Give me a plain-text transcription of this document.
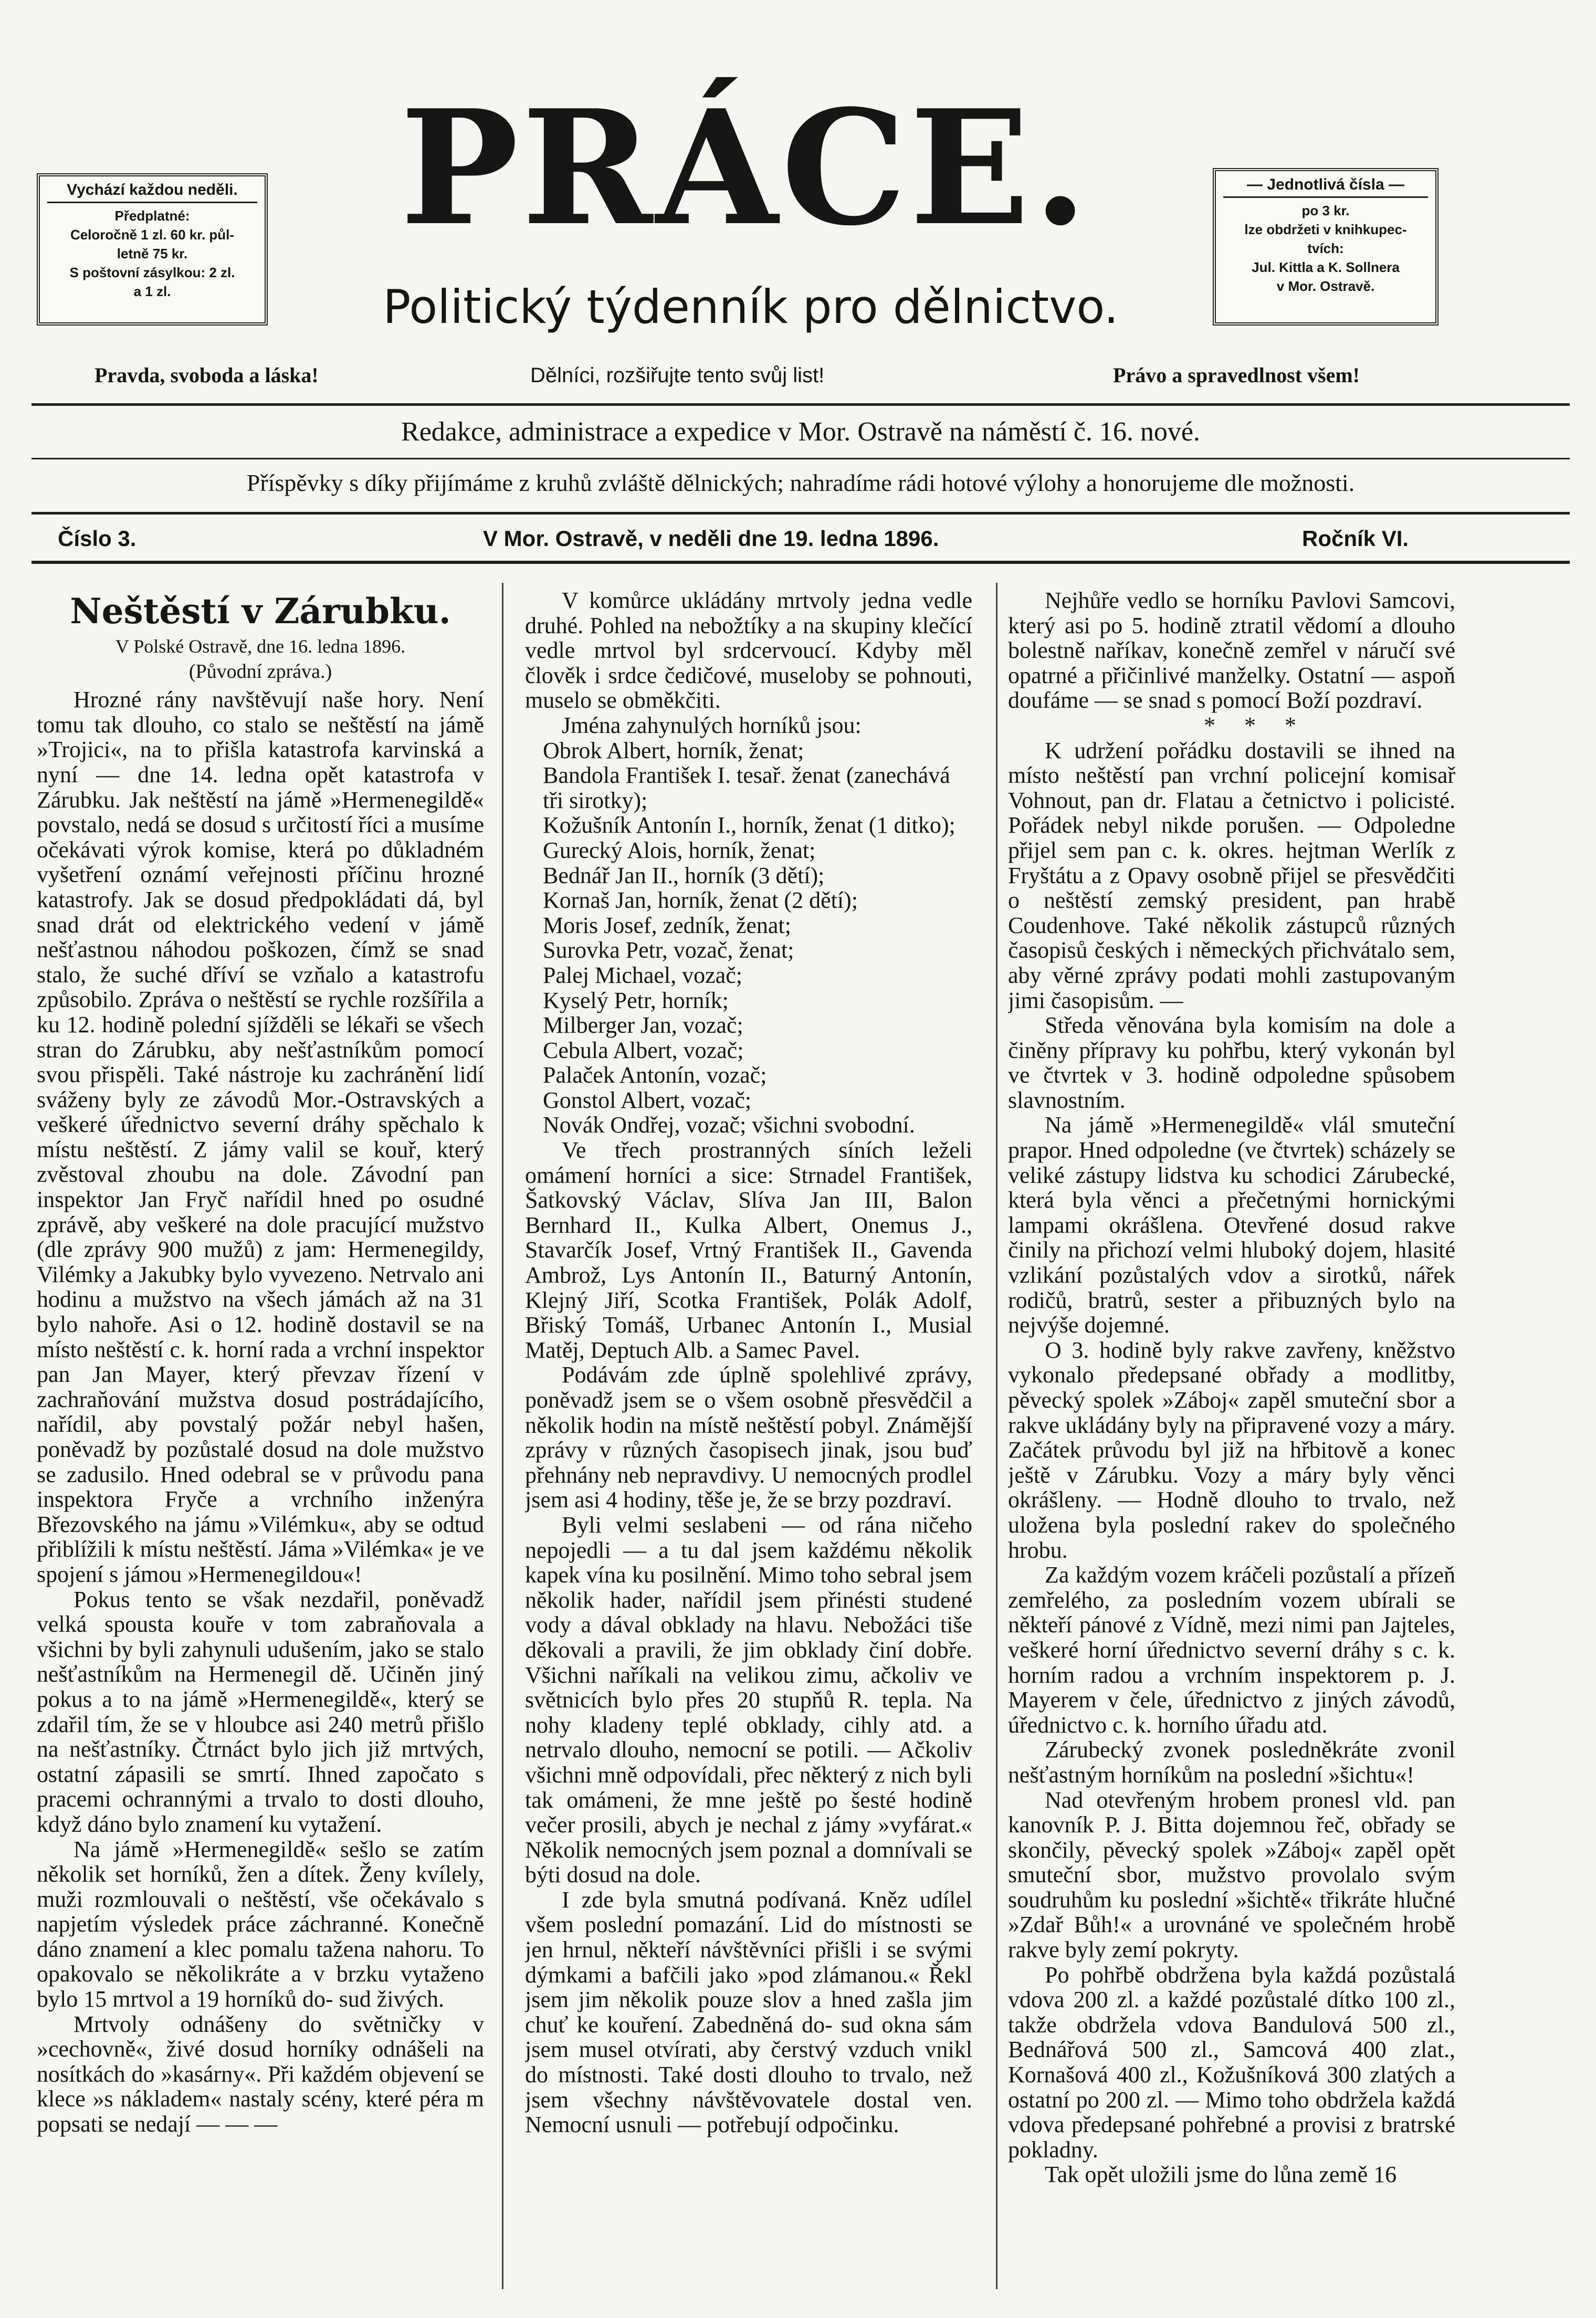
Vychází každou neděli.
Předplatné:
Celoročně 1 zl. 60 kr. půl-
letně 75 kr.
S poštovní zásylkou: 2 zl.
a 1 zl.
PRÁCE.
Politický týdenník pro dělnictvo.
— Jednotlivá čísla —
po 3 kr.
lze obdržeti v knihkupec-
tvích:
Jul. Kittla a K. Sollnera
v Mor. Ostravě.
Pravda, svoboda a láska!	Dělníci, rozšiřujte tento svůj list!	Právo a spravedlnost všem!
Redakce, administrace a expedice v Mor. Ostravě na náměstí č. 16. nové.
Příspěvky s díky přijímáme z kruhů zvláště dělnických; nahradíme rádi hotové výlohy a honorujeme dle možnosti.
Číslo 3.	V Mor. Ostravě, v neděli dne 19. ledna 1896.	Ročník VI.

Neštěstí v Zárubku.

V Polské Ostravě, dne 16. ledna 1896.

(Původní zpráva.)

Hrozné rány navštěvují naše hory. Není tomu tak dlouho, co stalo se neštěstí na jámě »Trojici«, na to přišla katastrofa karvinská a nyní — dne 14. ledna opět katastrofa v Zárubku. Jak neštěstí na jámě »Hermenegildě« povstalo, nedá se dosud s určitostí říci a musíme očekávati výrok komise, která po důkladném vyšetření oznámí veřejnosti příčinu hrozné katastrofy. Jak se dosud předpokládati dá, byl snad drát od elektrického vedení v jámě nešťastnou náhodou poškozen, čímž se snad stalo, že suché dříví se vzňalo a katastrofu způsobilo. Zpráva o neštěstí se rychle rozšířila a ku 12. hodině polední sjížděli se lékaři se všech stran do Zárubku, aby nešťastníkům pomocí svou přispěli. Také nástroje ku zachránění lidí sváženy byly ze závodů Mor.-Ostravských a veškeré úřednictvo severní dráhy spěchalo k místu neštěstí. Z jámy valil se kouř, který zvěstoval zhoubu na dole. Závodní pan inspektor Jan Fryč nařídil hned po osudné zprávě, aby veškeré na dole pracující mužstvo (dle zprávy 900 mužů) z jam: Hermenegildy, Vilémky a Jakubky bylo vyvezeno. Netrvalo ani hodinu a mužstvo na všech jámách až na 31 bylo nahoře. Asi o 12. hodině dostavil se na místo neštěstí c. k. horní rada a vrchní inspektor pan Jan Mayer, který převzav řízení v zachraňování mužstva dosud postrádajícího, nařídil, aby povstalý požár nebyl hašen, poněvadž by pozůstalé dosud na dole mužstvo se zadusilo. Hned odebral se v průvodu pana inspektora Fryče a vrchního inženýra Březovského na jámu »Vilémku«, aby se odtud přiblížili k místu neštěstí. Jáma »Vilémka« je ve spojení s jámou »Hermenegildou«!

Pokus tento se však nezdařil, poněvadž velká spousta kouře v tom zabraňovala a všichni by byli zahynuli udušením, jako se stalo nešťastníkům na Hermenegil dě. Učiněn jiný pokus a to na jámě »Hermenegildě«, který se zdařil tím, že se v hloubce asi 240 metrů přišlo na nešťastníky. Čtrnáct bylo jich již mrtvých, ostatní zápasili se smrtí. Ihned započato s pracemi ochrannými a trvalo to dosti dlouho, když dáno bylo znamení ku vytažení.

Na jámě »Hermenegildě« sešlo se zatím několik set horníků, žen a dítek. Ženy kvílely, muži rozmlouvali o neštěstí, vše očekávalo s napjetím výsledek práce záchranné. Konečně dáno znamení a klec pomalu tažena nahoru. To opakovalo se několikráte a v brzku vytaženo bylo 15 mrtvol a 19 horníků do- sud živých.

Mrtvoly odnášeny do světničky v »cechovně«, živé dosud horníky odnášeli na nosítkách do »kasárny«. Při každém objevení se klece »s nákladem« nastaly scény, které péra m popsati se nedají — — —

V komůrce ukládány mrtvoly jedna vedle druhé. Pohled na nebožtíky a na skupiny klečící vedle mrtvol byl srdcervoucí. Kdyby měl člověk i srdce čedičové, museloby se pohnouti, muselo se obměkčiti.

Jména zahynulých horníků jsou:

Obrok Albert, horník, ženat;

Bandola František I. tesař. ženat (zanechává tři sirotky);

Kožušník Antonín I., horník, ženat (1 ditko);

Gurecký Alois, horník, ženat;

Bednář Jan II., horník (3 dětí);

Kornaš Jan, horník, ženat (2 dětí);

Moris Josef, zedník, ženat;

Surovka Petr, vozač, ženat;

Palej Michael, vozač;

Kyselý Petr, horník;

Milberger Jan, vozač;

Cebula Albert, vozač;

Palaček Antonín, vozač;

Gonstol Albert, vozač;

Novák Ondřej, vozač; všichni svobodní.

Ve třech prostranných síních leželi omámení horníci a sice: Strnadel František, Šatkovský Václav, Slíva Jan III, Balon Bernhard II., Kulka Albert, Onemus J., Stavarčík Josef, Vrtný František II., Gavenda Ambrož, Lys Antonín II., Baturný Antonín, Klejný Jiří, Scotka František, Polák Adolf, Břiský Tomáš, Urbanec Antonín I., Musial Matěj, Deptuch Alb. a Samec Pavel.

Podávám zde úplně spolehlivé zprávy, poněvadž jsem se o všem osobně přesvědčil a několik hodin na místě neštěstí pobyl. Známější zprávy v různých časopisech jinak, jsou buď přehnány neb nepravdivy. U nemocných prodlel jsem asi 4 hodiny, těše je, že se brzy pozdraví.

Byli velmi seslabeni — od rána ničeho nepojedli — a tu dal jsem každému několik kapek vína ku posilnění. Mimo toho sebral jsem několik hader, nařídil jsem přinésti studené vody a dával obklady na hlavu. Nebožáci tiše děkovali a pravili, že jim obklady činí dobře. Všichni naříkali na velikou zimu, ačkoliv ve světnicích bylo přes 20 stupňů R. tepla. Na nohy kladeny teplé obklady, cihly atd. a netrvalo dlouho, nemocní se potili. — Ačkoliv všichni mně odpovídali, přec některý z nich byli tak omámeni, že mne ještě po šesté hodině večer prosili, abych je nechal z jámy »vyfárat.« Několik nemocných jsem poznal a domnívali se býti dosud na dole.

I zde byla smutná podívaná. Kněz udílel všem poslední pomazání. Lid do místnosti se jen hrnul, někteří návštěvníci přišli i se svými dýmkami a bafčili jako »pod zlámanou.« Řekl jsem jim několik pouze slov a hned zašla jim chuť ke kouření. Zabedněná do- sud okna sám jsem musel otvírati, aby čerstvý vzduch vnikl do místnosti. Také dosti dlouho to trvalo, než jsem všechny návštěvovatele dostal ven. Nemocní usnuli — potřebují odpočinku.

Nejhůře vedlo se horníku Pavlovi Samcovi, který asi po 5. hodině ztratil vědomí a dlouho bolestně naříkav, konečně zemřel v náručí své opatrné a přičinlivé manželky. Ostatní — aspoň doufáme — se snad s pomocí Boží pozdraví.

*     *     *

K udržení pořádku dostavili se ihned na místo neštěstí pan vrchní policejní komisař Vohnout, pan dr. Flatau a četnictvo i policisté. Pořádek nebyl nikde porušen. — Odpoledne přijel sem pan c. k. okres. hejtman Werlík z Fryštátu a z Opavy osobně přijel se přesvědčiti o neštěstí zemský president, pan hrabě Coudenhove. Také několik zástupců různých časopisů českých i německých přichvátalo sem, aby věrné zprávy podati mohli zastupovaným jimi časopisům. —

Středa věnována byla komisím na dole a činěny přípravy ku pohřbu, který vykonán byl ve čtvrtek v 3. hodině odpoledne spůsobem slavnostním.

Na jámě »Hermenegildě« vlál smuteční prapor. Hned odpoledne (ve čtvrtek) scházely se veliké zástupy lidstva ku schodici Zárubecké, která byla věnci a přečetnými hornickými lampami okrášlena. Otevřené dosud rakve činily na přichozí velmi hluboký dojem, hlasité vzlikání pozůstalých vdov a sirotků, nářek rodičů, bratrů, sester a přibuzných bylo na nejvýše dojemné.

O 3. hodině byly rakve zavřeny, kněžstvo vykonalo předepsané obřady a modlitby, pěvecký spolek »Záboj« zapěl smuteční sbor a rakve ukládány byly na připravené vozy a máry. Začátek průvodu byl již na hřbitově a konec ještě v Zárubku. Vozy a máry byly věnci okrášleny. — Hodně dlouho to trvalo, než uložena byla poslední rakev do společného hrobu.

Za každým vozem kráčeli pozůstalí a přízeň zemřelého, za posledním vozem ubírali se někteří pánové z Vídně, mezi nimi pan Jajteles, veškeré horní úřednictvo severní dráhy s c. k. horním radou a vrchním inspektorem p. J. Mayerem v čele, úřednictvo z jiných závodů, úřednictvo c. k. horního úřadu atd.

Zárubecký zvonek posledněkráte zvonil nešťastným horníkům na poslední »šichtu«!

Nad otevřeným hrobem pronesl vld. pan kanovník P. J. Bitta dojemnou řeč, obřady se skončily, pěvecký spolek »Záboj« zapěl opět smuteční sbor, mužstvo provolalo svým soudruhům ku poslední »šichtě« třikráte hlučné »Zdař Bůh!« a urovnáné ve společném hrobě rakve byly zemí pokryty.

Po pohřbě obdržena byla každá pozůstalá vdova 200 zl. a každé pozůstalé dítko 100 zl., takže obdržela vdova Bandulová 500 zl., Bednářová 500 zl., Samcová 400 zlat., Kornašová 400 zl., Kožušníková 300 zlatých a ostatní po 200 zl. — Mimo toho obdržela každá vdova předepsané pohřebné a provisi z bratrské pokladny.

Tak opět uložili jsme do lůna země 16
